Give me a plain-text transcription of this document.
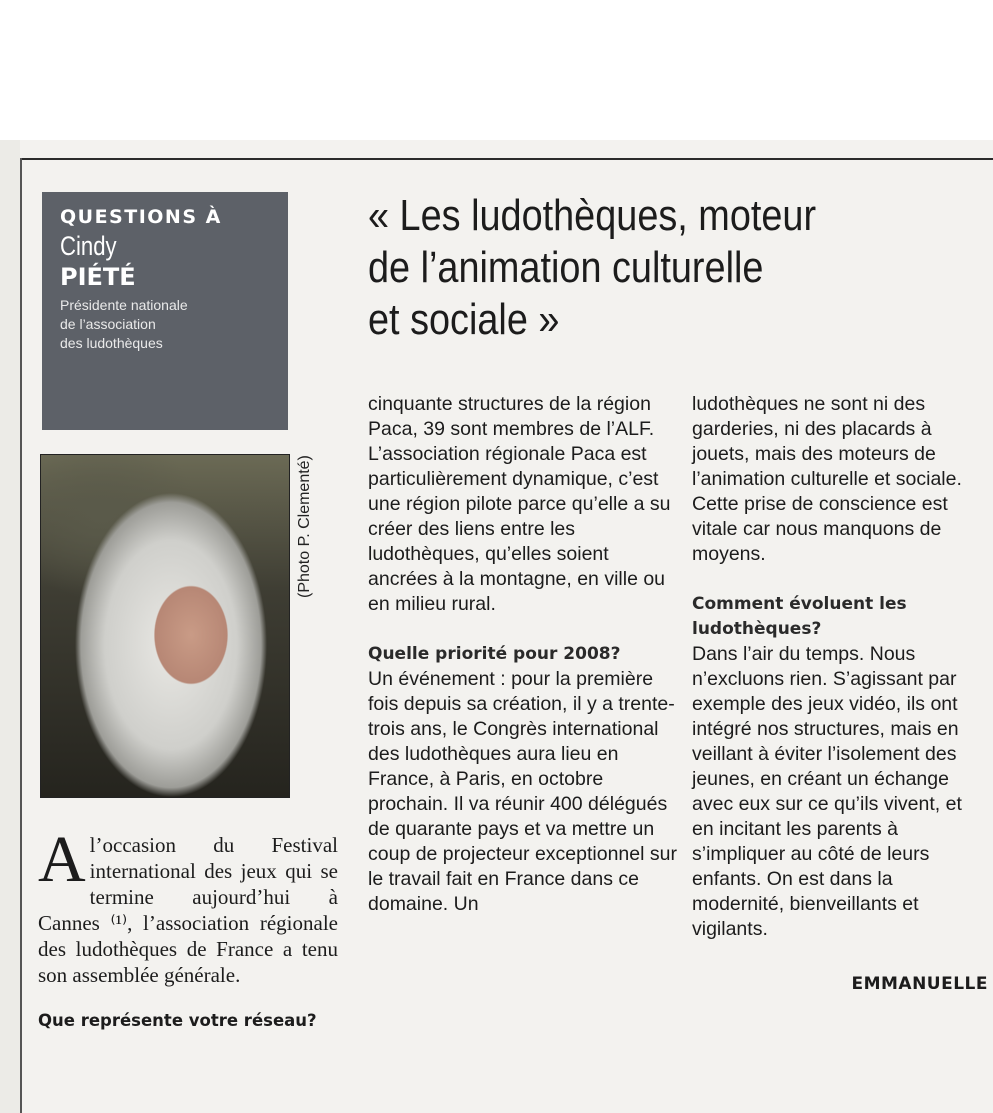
QUESTIONS À
Cindy
PIÉTÉ
Présidente nationale
de l’association
des ludothèques
(Photo P. Clementé)
« Les ludothèques, moteur
de l’animation culturelle
et sociale »

cinquante structures de la région Paca, 39 sont membres de l’ALF. L’association régionale Paca est particulièrement dynamique, c’est une région pilote parce qu’elle a su créer des liens entre les ludothèques, qu’elles soient ancrées à la montagne, en ville ou en milieu rural.

Quelle priorité pour 2008?

Un événement : pour la première fois depuis sa création, il y a trente-trois ans, le Congrès international des ludothèques aura lieu en France, à Paris, en octobre prochain. Il va réunir 400 délégués de quarante pays et va mettre un coup de projecteur exceptionnel sur le travail fait en France dans ce domaine. Un

ludothèques ne sont ni des garderies, ni des placards à jouets, mais des moteurs de l’animation culturelle et sociale. Cette prise de conscience est vitale car nous manquons de moyens.

Comment évoluent les ludothèques?

Dans l’air du temps. Nous n’excluons rien. S’agissant par exemple des jeux vidéo, ils ont intégré nos structures, mais en veillant à éviter l’isolement des jeunes, en créant un échange avec eux sur ce qu’ils vivent, et en incitant les parents à s’impliquer au côté de leurs enfants. On est dans la modernité, bienveillants et vigilants.

EMMANUELLE

Al’occasion du Festival international des jeux qui se termine aujourd’hui à Cannes ⁽¹⁾, l’association régionale des ludothèques de France a tenu son assemblée générale.

Que représente votre réseau?
